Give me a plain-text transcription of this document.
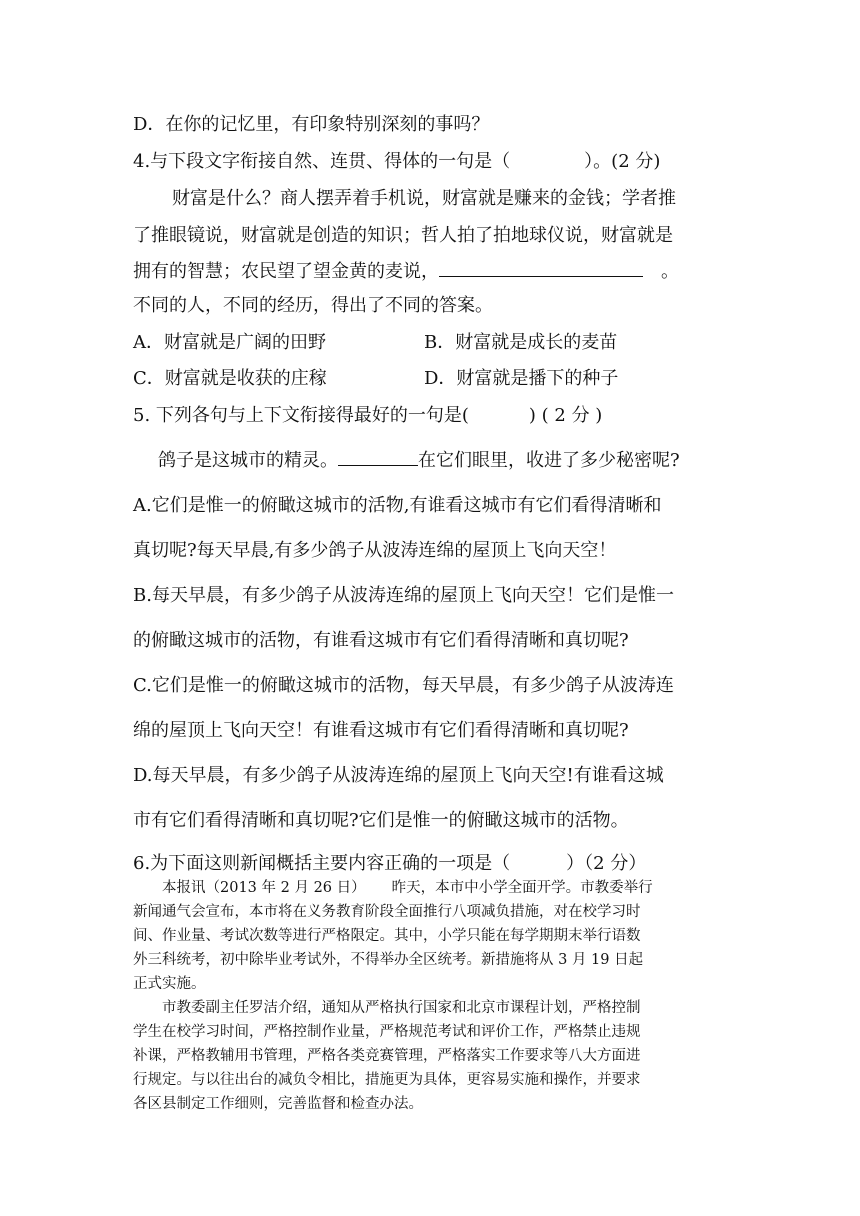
D．在你的记忆里，有印象特别深刻的事吗？
4.与下段文字衔接自然、连贯、得体的一句是（	）。(2 分)
财富是什么？商人摆弄着手机说，财富就是赚来的金钱；学者推
了推眼镜说，财富就是创造的知识；哲人拍了拍地球仪说，财富就是
拥有的智慧；农民望了望金黄的麦说，	。
不同的人，不同的经历，得出了不同的答案。
A．财富就是广阔的田野	B．财富就是成长的麦苗
C．财富就是收获的庄稼	D．财富就是播下的种子
5. 下列各句与上下文衔接得最好的一句是(	) ( 2 分 )
鸽子是这城市的精灵。	在它们眼里，收进了多少秘密呢?
A.它们是惟一的俯瞰这城市的活物,有谁看这城市有它们看得清晰和
真切呢?每天早晨,有多少鸽子从波涛连绵的屋顶上飞向天空！
B.每天早晨，有多少鸽子从波涛连绵的屋顶上飞向天空！它们是惟一
的俯瞰这城市的活物，有谁看这城市有它们看得清晰和真切呢?
C.它们是惟一的俯瞰这城市的活物，每天早晨，有多少鸽子从波涛连
绵的屋顶上飞向天空！有谁看这城市有它们看得清晰和真切呢?
D.每天早晨，有多少鸽子从波涛连绵的屋顶上飞向天空!有谁看这城
市有它们看得清晰和真切呢?它们是惟一的俯瞰这城市的活物。
6.为下面这则新闻概括主要内容正确的一项是（	）（2 分）
本报讯（2013 年 2 月 26 日） 昨天，本市中小学全面开学。市教委举行
新闻通气会宣布，本市将在义务教育阶段全面推行八项减负措施，对在校学习时
间、作业量、考试次数等进行严格限定。其中，小学只能在每学期期末举行语数
外三科统考，初中除毕业考试外，不得举办全区统考。新措施将从 3 月 19 日起
正式实施。
市教委副主任罗洁介绍，通知从严格执行国家和北京市课程计划，严格控制
学生在校学习时间，严格控制作业量，严格规范考试和评价工作，严格禁止违规
补课，严格教辅用书管理，严格各类竞赛管理，严格落实工作要求等八大方面进
行规定。与以往出台的减负令相比，措施更为具体，更容易实施和操作，并要求
各区县制定工作细则，完善监督和检查办法。
